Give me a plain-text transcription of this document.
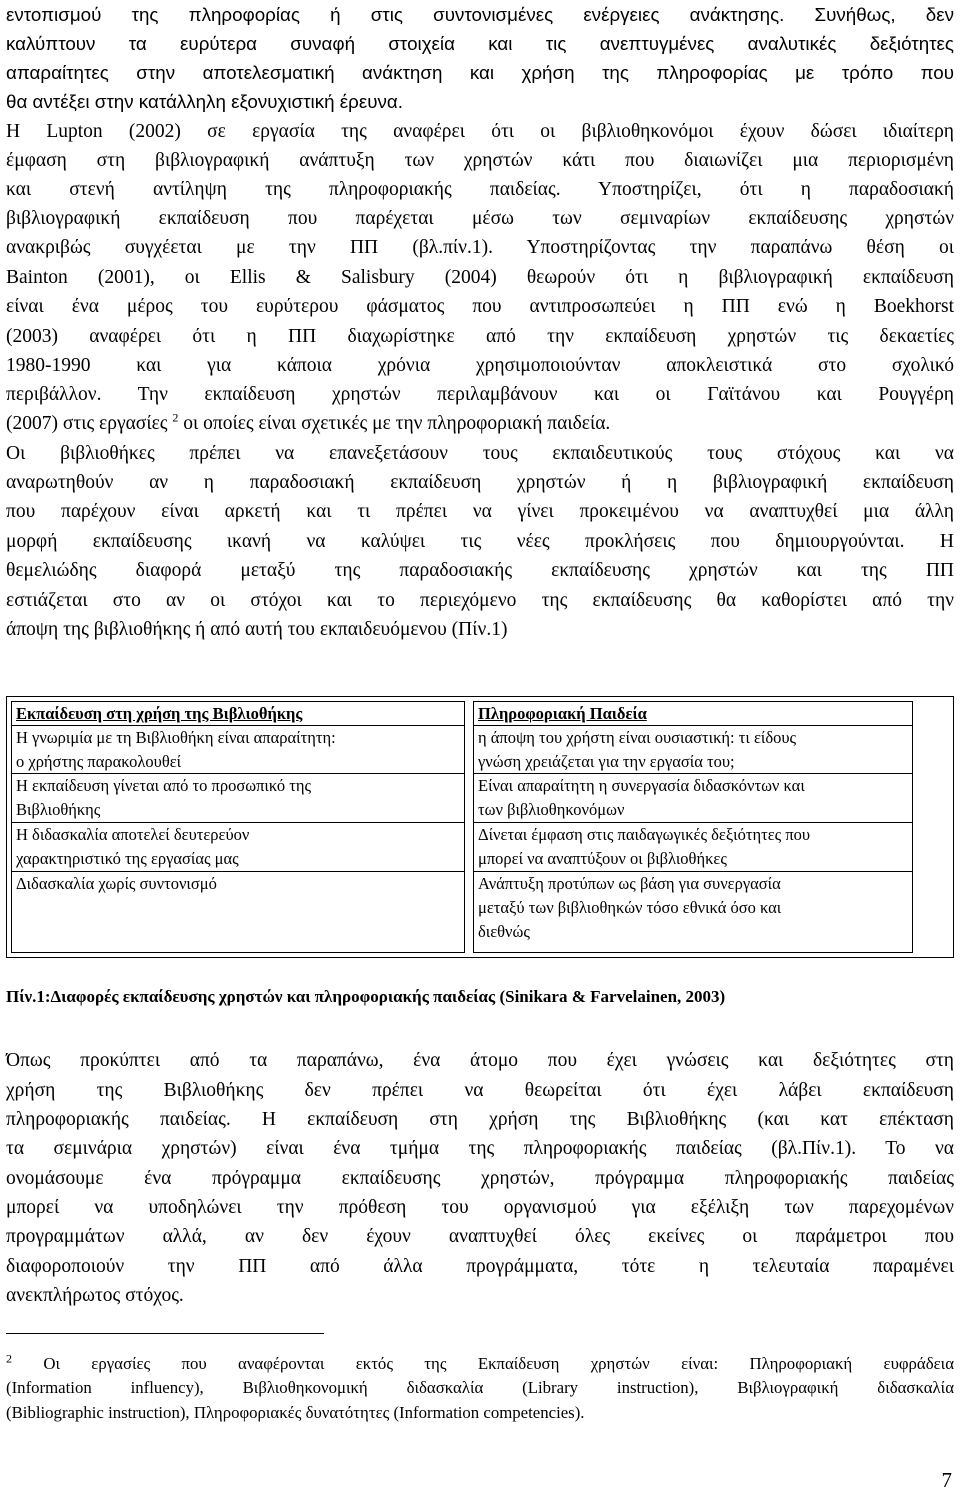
εντοπισμού της πληροφορίας ή στις συντονισμένες ενέργειες ανάκτησης. Συνήθως, δεν
καλύπτουν τα ευρύτερα συναφή στοιχεία και τις ανεπτυγμένες αναλυτικές δεξιότητες
απαραίτητες στην αποτελεσματική ανάκτηση και χρήση της πληροφορίας με τρόπο που
θα αντέξει στην κατάλληλη εξονυχιστική έρευνα.
Η Lupton (2002) σε εργασία της αναφέρει ότι οι βιβλιοθηκονόμοι έχουν δώσει ιδιαίτερη
έμφαση στη βιβλιογραφική ανάπτυξη των χρηστών κάτι που διαιωνίζει μια περιορισμένη
και στενή αντίληψη της πληροφοριακής παιδείας. Υποστηρίζει, ότι η παραδοσιακή
βιβλιογραφική εκπαίδευση που παρέχεται μέσω των σεμιναρίων εκπαίδευσης χρηστών
ανακριβώς συγχέεται με την ΠΠ (βλ.πίν.1). Υποστηρίζοντας την παραπάνω θέση οι
Bainton (2001), οι Ellis & Salisbury (2004) θεωρούν ότι η βιβλιογραφική εκπαίδευση
είναι ένα μέρος του ευρύτερου φάσματος που αντιπροσωπεύει η ΠΠ ενώ η Boekhorst
(2003) αναφέρει ότι η ΠΠ διαχωρίστηκε από την εκπαίδευση χρηστών τις δεκαετίες
1980-1990 και για κάποια χρόνια χρησιμοποιούνταν αποκλειστικά στο σχολικό
περιβάλλον. Την εκπαίδευση χρηστών περιλαμβάνουν και οι Γαϊτάνου και Ρουγγέρη
(2007) στις εργασίες $^2$ οι οποίες είναι σχετικές με την πληροφοριακή παιδεία.
Οι βιβλιοθήκες πρέπει να επανεξετάσουν τους εκπαιδευτικούς τους στόχους και να
αναρωτηθούν αν η παραδοσιακή εκπαίδευση χρηστών ή η βιβλιογραφική εκπαίδευση
που παρέχουν είναι αρκετή και τι πρέπει να γίνει προκειμένου να αναπτυχθεί μια άλλη
μορφή εκπαίδευσης ικανή να καλύψει τις νέες προκλήσεις που δημιουργούνται. Η
θεμελιώδης διαφορά μεταξύ της παραδοσιακής εκπαίδευσης χρηστών και της ΠΠ
εστιάζεται στο αν οι στόχοι και το περιεχόμενο της εκπαίδευσης θα καθορίστει από την
άποψη της βιβλιοθήκης ή από αυτή του εκπαιδευόμενου (Πίν.1)
Εκπαίδευση στη χρήση της Βιβλιοθήκης	Πληροφοριακή Παιδεία
Η γνωριμία με τη Βιβλιοθήκη είναι απαραίτητη:
ο χρήστης παρακολουθεί
η άποψη του χρήστη είναι ουσιαστική: τι είδους
γνώση χρειάζεται για την εργασία του;
Η εκπαίδευση γίνεται από το προσωπικό της
Βιβλιοθήκης
Είναι απαραίτητη η συνεργασία διδασκόντων και
των βιβλιοθηκονόμων
Η διδασκαλία αποτελεί δευτερεύον
χαρακτηριστικό της εργασίας μας
Δίνεται έμφαση στις παιδαγωγικές δεξιότητες που
μπορεί να αναπτύξουν οι βιβλιοθήκες
Διδασκαλία χωρίς συντονισμό	Ανάπτυξη προτύπων ως βάση για συνεργασία
μεταξύ των βιβλιοθηκών τόσο εθνικά όσο και
διεθνώς
Πίν.1:Διαφορές εκπαίδευσης χρηστών και πληροφοριακής παιδείας (Sinikara & Farvelainen, 2003)
Όπως προκύπτει από τα παραπάνω, ένα άτομο που έχει γνώσεις και δεξιότητες στη
χρήση της Βιβλιοθήκης δεν πρέπει να θεωρείται ότι έχει λάβει εκπαίδευση
πληροφοριακής παιδείας. Η εκπαίδευση στη χρήση της Βιβλιοθήκης (και κατ επέκταση
τα σεμινάρια χρηστών) είναι ένα τμήμα της πληροφοριακής παιδείας (βλ.Πίν.1). Το να
ονομάσουμε ένα πρόγραμμα εκπαίδευσης χρηστών, πρόγραμμα πληροφοριακής παιδείας
μπορεί να υποδηλώνει την πρόθεση του οργανισμού για εξέλιξη των παρεχομένων
προγραμμάτων αλλά, αν δεν έχουν αναπτυχθεί όλες εκείνες οι παράμετροι που
διαφοροποιούν την ΠΠ από άλλα προγράμματα, τότε η τελευταία παραμένει
ανεκπλήρωτος στόχος.
$^2$ Οι εργασίες που αναφέρονται εκτός της Εκπαίδευση χρηστών είναι: Πληροφοριακή ευφράδεια
(Information influency), Βιβλιοθηκονομική διδασκαλία (Library instruction), Βιβλιογραφική διδασκαλία
(Bibliographic instruction), Πληροφοριακές δυνατότητες (Information competencies).
7
